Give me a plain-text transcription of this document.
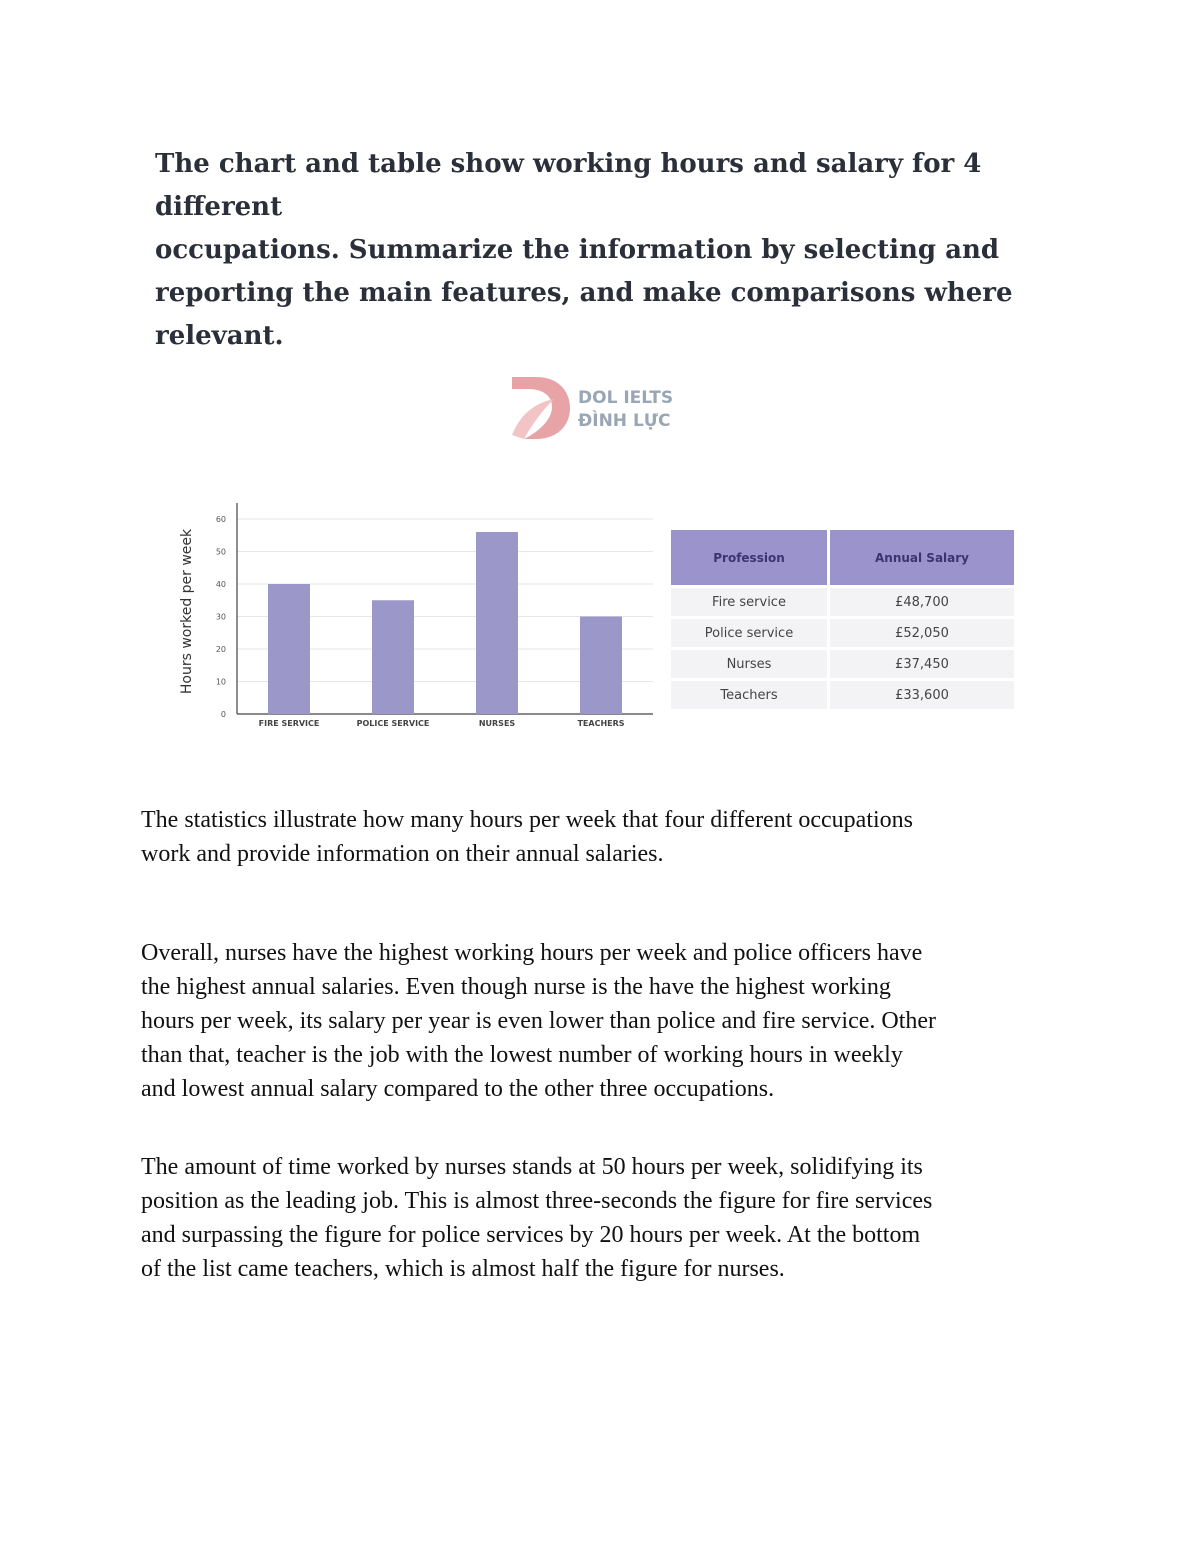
The chart and table show working hours and salary for 4 different
occupations. Summarize the information by selecting and
reporting the main features, and make comparisons where
relevant.
DOL IELTS
ĐÌNH LỰC
0
10
20
30
40
50
60
Hours worked per week
FIRE SERVICE	POLICE SERVICE	NURSES	TEACHERS
Profession	Annual Salary
Fire service	£48,700
Police service	£52,050
Nurses	£37,450
Teachers	£33,600

The statistics illustrate how many hours per week that four different occupations
work and provide information on their annual salaries.

Overall, nurses have the highest working hours per week and police officers have
the highest annual salaries. Even though nurse is the have the highest working
hours per week, its salary per year is even lower than police and fire service. Other
than that, teacher is the job with the lowest number of working hours in weekly
and lowest annual salary compared to the other three occupations.

The amount of time worked by nurses stands at 50 hours per week, solidifying its
position as the leading job. This is almost three-seconds the figure for fire services
and surpassing the figure for police services by 20 hours per week. At the bottom
of the list came teachers, which is almost half the figure for nurses.
